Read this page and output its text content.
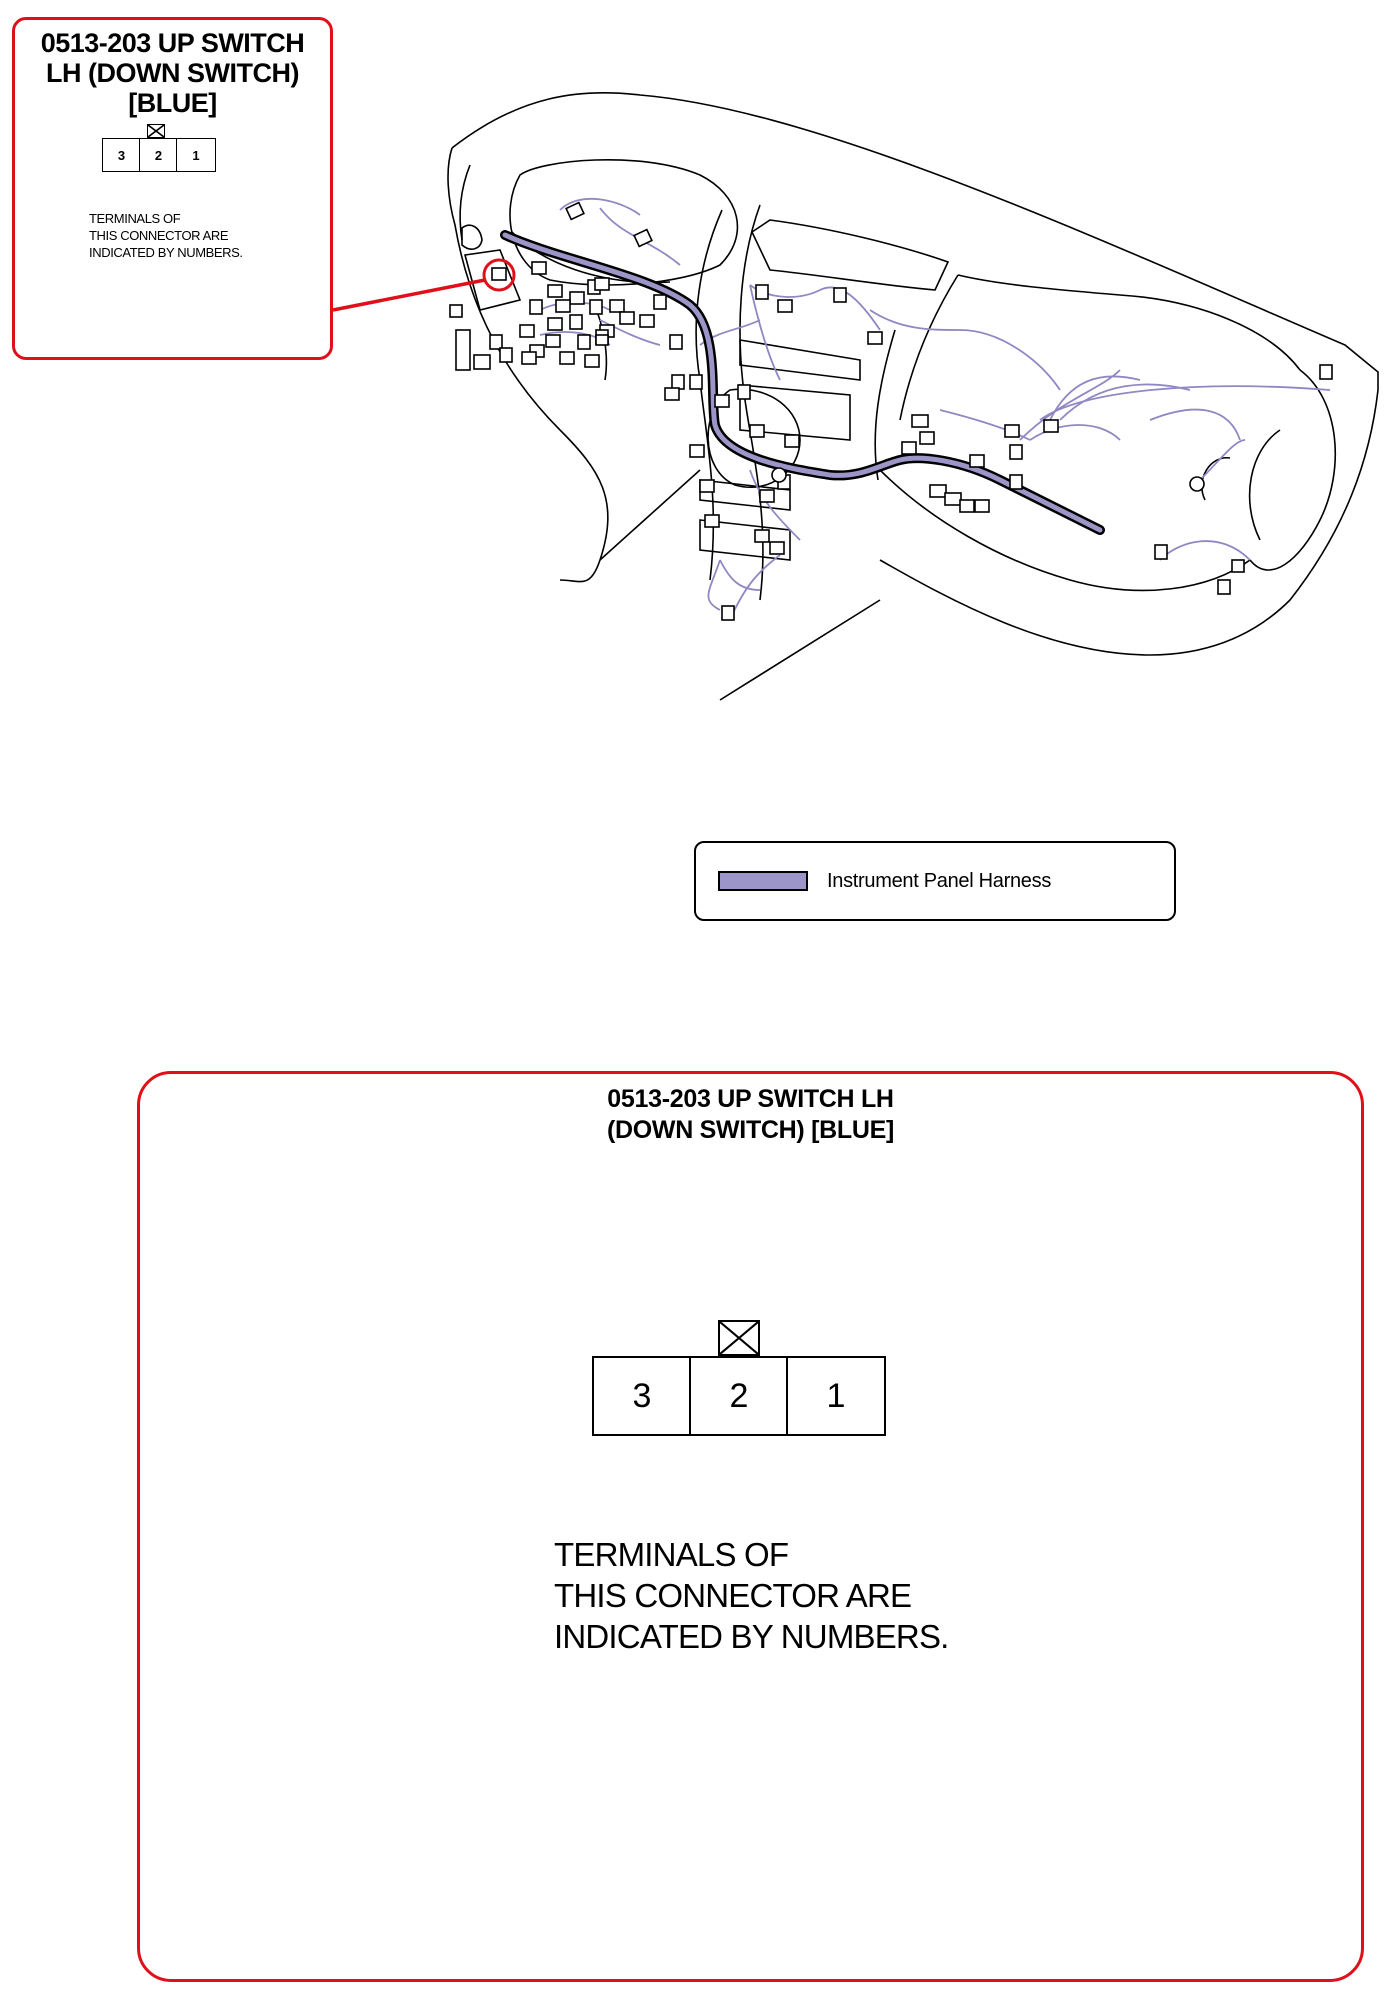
0513-203 UP SWITCH
LH (DOWN SWITCH)
[BLUE]
3 2 1
TERMINALS OF
THIS CONNECTOR ARE
INDICATED BY NUMBERS.
Instrument Panel Harness
0513-203 UP SWITCH LH
(DOWN SWITCH) [BLUE]
3 2 1
TERMINALS OF
THIS CONNECTOR ARE
INDICATED BY NUMBERS.
